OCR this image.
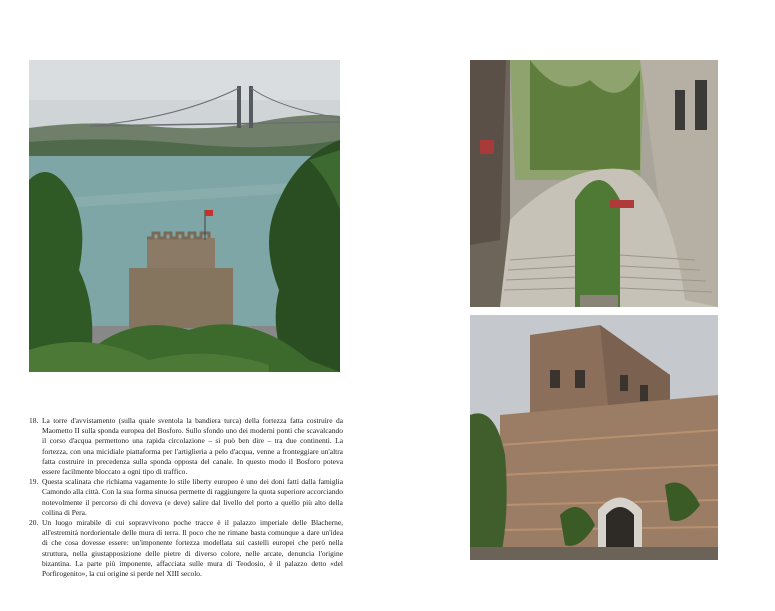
18. La torre d'avvistamento (sulla quale sventola la bandiera turca) della fortezza fatta costruire da Maometto II sulla sponda europea del Bosforo. Sullo sfondo uno dei moderni ponti che scavalcando il corso d'acqua permettono una rapida circolazione – si può ben dire – tra due continenti. La fortezza, con una micidiale piattaforma per l'artiglieria a pelo d'acqua, venne a fronteggiare un'altra fatta costruire in precedenza sulla sponda opposta del canale. In questo modo il Bosforo poteva essere facilmente bloccato a ogni tipo di traffico.
19. Questa scalinata che richiama vagamente lo stile liberty europeo è uno dei doni fatti dalla famiglia Camondo alla città. Con la sua forma sinuosa permette di raggiungere la quota superiore accorciando notevolmente il percorso di chi doveva (e deve) salire dal livello del porto a quello più alto della collina di Pera.
20. Un luogo mirabile di cui sopravvivono poche tracce è il palazzo imperiale delle Blacherne, all'estremità nordorientale delle mura di terra. Il poco che ne rimane basta comunque a dare un'idea di che cosa dovesse essere: un'imponente fortezza modellata sui castelli europei che però nella struttura, nella giustapposizione delle pietre di diverso colore, nelle arcate, denuncia l'origine bizantina. La parte più imponente, affacciata sulle mura di Teodosio, è il palazzo detto «del Porfirogenito», la cui origine si perde nel XIII secolo.
